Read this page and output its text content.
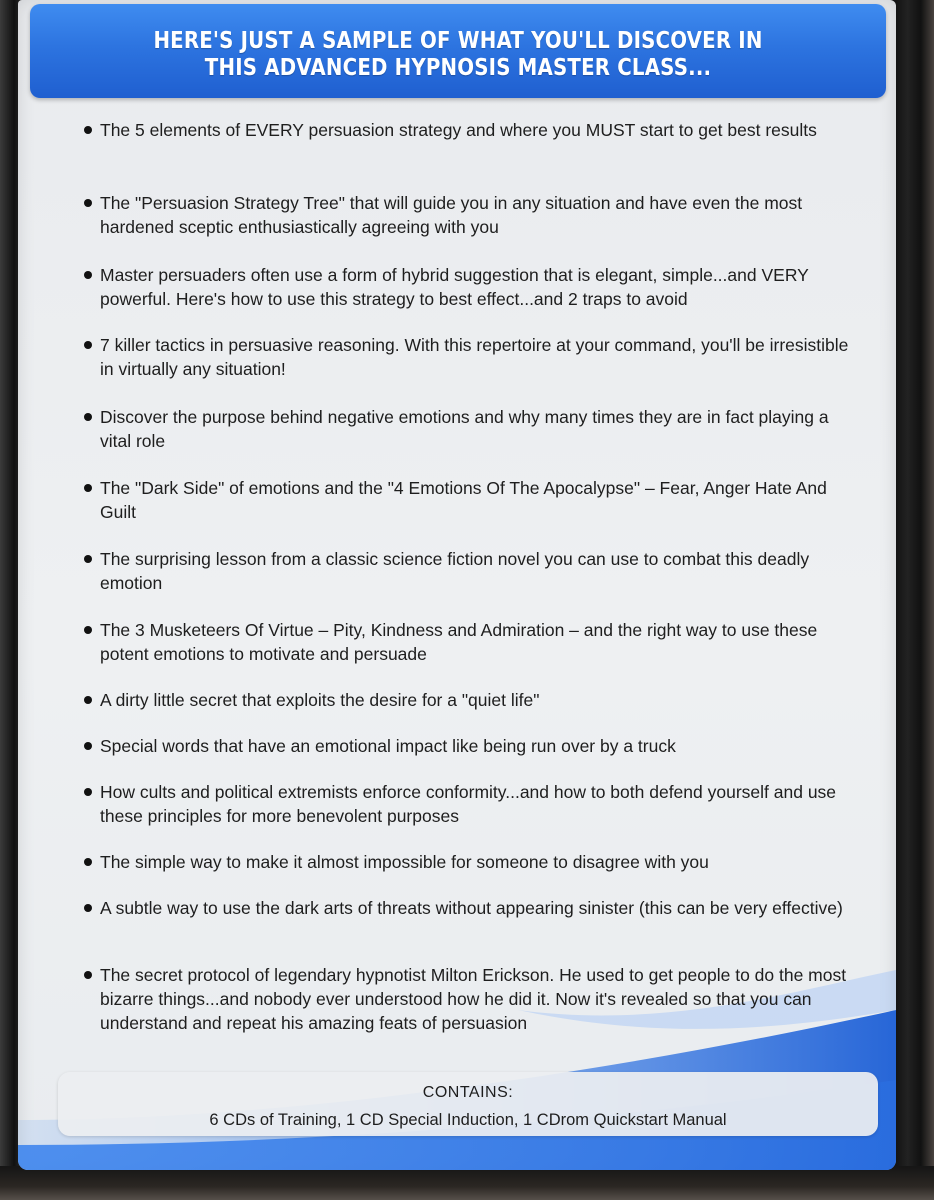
HERE'S JUST A SAMPLE OF WHAT YOU'LL DISCOVER IN
THIS ADVANCED HYPNOSIS MASTER CLASS...
The 5 elements of EVERY persuasion strategy and where you MUST start to get best results
The "Persuasion Strategy Tree" that will guide you in any situation and have even the most hardened sceptic enthusiastically agreeing with you
Master persuaders often use a form of hybrid suggestion that is elegant, simple...and VERY powerful. Here's how to use this strategy to best effect...and 2 traps to avoid
7 killer tactics in persuasive reasoning. With this repertoire at your command, you'll be irresistible in virtually any situation!
Discover the purpose behind negative emotions and why many times they are in fact playing a vital role
The "Dark Side" of emotions and the "4 Emotions Of The Apocalypse" – Fear, Anger Hate And Guilt
The surprising lesson from a classic science fiction novel you can use to combat this deadly emotion
The 3 Musketeers Of Virtue – Pity, Kindness and Admiration – and the right way to use these potent emotions to motivate and persuade
A dirty little secret that exploits the desire for a "quiet life"
Special words that have an emotional impact like being run over by a truck
How cults and political extremists enforce conformity...and how to both defend yourself and use these principles for more benevolent purposes
The simple way to make it almost impossible for someone to disagree with you
A subtle way to use the dark arts of threats without appearing sinister (this can be very effective)
The secret protocol of legendary hypnotist Milton Erickson. He used to get people to do the most bizarre things...and nobody ever understood how he did it. Now it's revealed so that you can understand and repeat his amazing feats of persuasion
CONTAINS:
6 CDs of Training, 1 CD Special Induction, 1 CDrom Quickstart Manual
